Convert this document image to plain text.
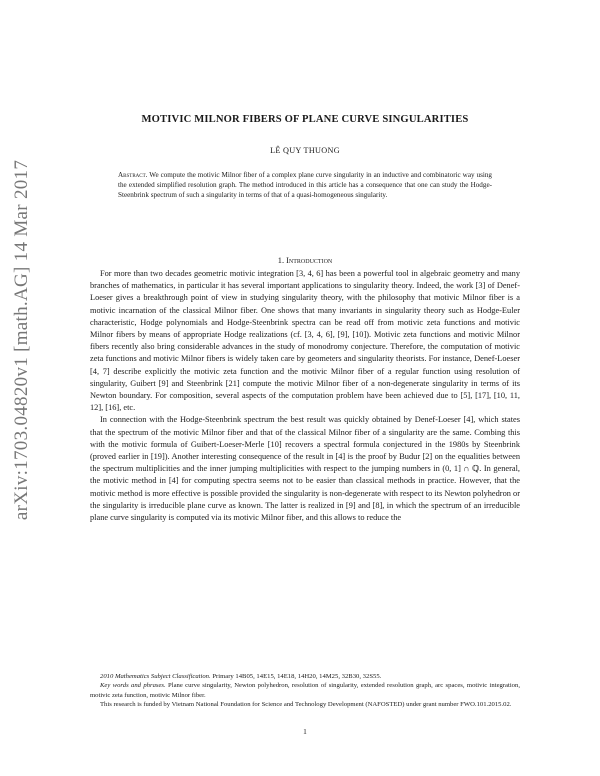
arXiv:1703.04820v1 [math.AG] 14 Mar 2017
MOTIVIC MILNOR FIBERS OF PLANE CURVE SINGULARITIES
LÊ QUY THUONG
Abstract. We compute the motivic Milnor fiber of a complex plane curve singularity in an inductive and combinatoric way using the extended simplified resolution graph. The method introduced in this article has a consequence that one can study the Hodge-Steenbrink spectrum of such a singularity in terms of that of a quasi-homogeneous singularity.
1. Introduction

For more than two decades geometric motivic integration [3, 4, 6] has been a powerful tool in algebraic geometry and many branches of mathematics, in particular it has several important applications to singularity theory. Indeed, the work [3] of Denef-Loeser gives a breakthrough point of view in studying singularity theory, with the philosophy that motivic Milnor fiber is a motivic incarnation of the classical Milnor fiber. One shows that many invariants in singularity theory such as Hodge-Euler characteristic, Hodge polynomials and Hodge-Steenbrink spectra can be read off from motivic zeta functions and motivic Milnor fibers by means of appropriate Hodge realizations (cf. [3, 4, 6], [9], [10]). Motivic zeta functions and motivic Milnor fibers recently also bring considerable advances in the study of monodromy conjecture. Therefore, the computation of motivic zeta functions and motivic Milnor fibers is widely taken care by geometers and singularity theorists. For instance, Denef-Loeser [4, 7] describe explicitly the motivic zeta function and the motivic Milnor fiber of a regular function using resolution of singularity, Guibert [9] and Steenbrink [21] compute the motivic Milnor fiber of a non-degenerate singularity in terms of its Newton boundary. For composition, several aspects of the computation problem have been achieved due to [5], [17], [10, 11, 12], [16], etc.

In connection with the Hodge-Steenbrink spectrum the best result was quickly obtained by Denef-Loeser [4], which states that the spectrum of the motivic Milnor fiber and that of the classical Milnor fiber of a singularity are the same. Combing this with the motivic formula of Guibert-Loeser-Merle [10] recovers a spectral formula conjectured in the 1980s by Steenbrink (proved earlier in [19]). Another interesting consequence of the result in [4] is the proof by Budur [2] on the equalities between the spectrum multiplicities and the inner jumping multiplicities with respect to the jumping numbers in (0, 1] ∩ ℚ. In general, the motivic method in [4] for computing spectra seems not to be easier than classical methods in practice. However, that the motivic method is more effective is possible provided the singularity is non-degenerate with respect to its Newton polyhedron or the singularity is irreducible plane curve as known. The latter is realized in [9] and [8], in which the spectrum of an irreducible plane curve singularity is computed via its motivic Milnor fiber, and this allows to reduce the

2010 Mathematics Subject Classification. Primary 14B05, 14E15, 14E18, 14H20, 14M25, 32B30, 32S55.

Key words and phrases. Plane curve singularity, Newton polyhedron, resolution of singularity, extended resolution graph, arc spaces, motivic integration, motivic zeta function, motivic Milnor fiber.

This research is funded by Vietnam National Foundation for Science and Technology Development (NAFOSTED) under grant number FWO.101.2015.02.

1
